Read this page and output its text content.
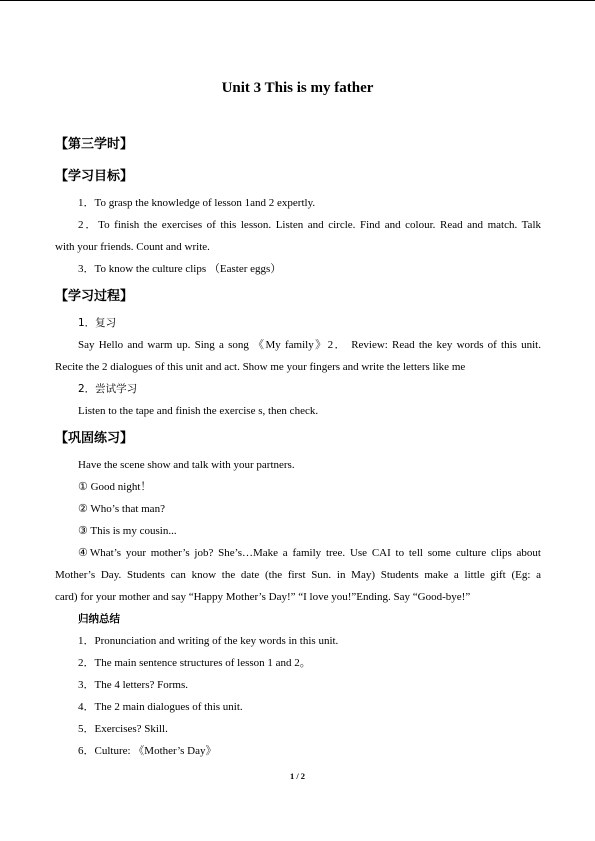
Unit 3 This is my father
【第三学时】
【学习目标】
1．To grasp the knowledge of lesson 1and 2 expertly.
2．To finish the exercises of this lesson. Listen and circle. Find and colour. Read and match. Talk
with your friends. Count and write.
3．To know the culture clips （Easter eggs）
【学习过程】
1．复习
Say Hello and warm up. Sing a song 《My family》2． Review: Read the key words of this unit.
Recite the 2 dialogues of this unit and act. Show me your fingers and write the letters like me
2．尝试学习
Listen to the tape and finish the exercise s, then check.
【巩固练习】
Have the scene show and talk with your partners.
① Good night！
② Who’s that man?
③ This is my cousin...
④What’s your mother’s job? She’s…Make a family tree. Use CAI to tell some culture clips about
Mother’s Day. Students can know the date (the first Sun. in May) Students make a little gift (Eg: a
card) for your mother and say “Happy Mother’s Day!” “I love you!”Ending. Say “Good-bye!”
归纳总结
1．Pronunciation and writing of the key words in this unit.
2．The main sentence structures of lesson 1 and 2。
3．The 4 letters? Forms.
4．The 2 main dialogues of this unit.
5．Exercises? Skill.
6．Culture: 《Mother’s Day》
1 / 2
